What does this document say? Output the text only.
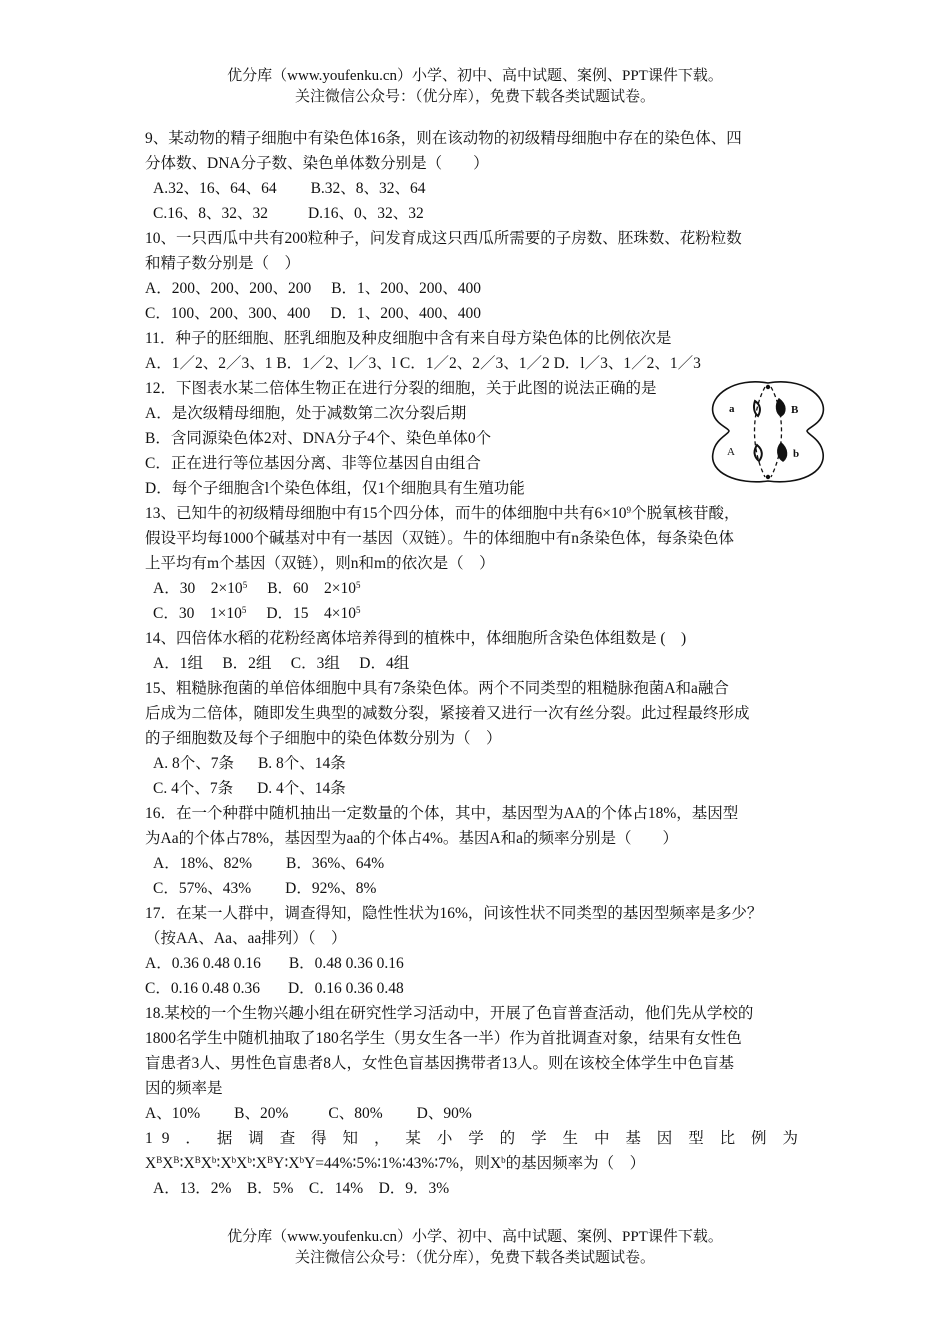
优分库（www.youfenku.cn）小学、初中、高中试题、案例、PPT课件下载。
关注微信公众号：（优分库），免费下载各类试题试卷。
9、某动物的精子细胞中有染色体16条，则在该动物的初级精母细胞中存在的染色体、四
分体数、DNA分子数、染色单体数分别是（　　）
A.32、16、64、64 B.32、8、32、64
C.16、8、32、32	D.16、0、32、32
10、一只西瓜中共有200粒种子，问发育成这只西瓜所需要的子房数、胚珠数、花粉粒数
和精子数分别是（　）
A．200、200、200、200 B．1、200、200、400
C．100、200、300、400 D．1、200、400、400
11．种子的胚细胞、胚乳细胞及种皮细胞中含有来自母方染色体的比例依次是
A．1／2、2／3、1 B．1／2、l／3、l C．1／2、2／3、1／2 D．l／3、1／2、1／3
12．下图表水某二倍体生物正在进行分裂的细胞，关于此图的说法正确的是
A．是次级精母细胞，处于减数第二次分裂后期
B．含同源染色体2对、DNA分子4个、染色单体0个
C．正在进行等位基因分离、非等位基因自由组合
D．每个子细胞含l个染色体组，仅1个细胞具有生殖功能
13、已知牛的初级精母细胞中有15个四分体，而牛的体细胞中共有$6\times 10^9$个脱氧核苷酸，
假设平均每1000个碱基对中有一基因（双链）。牛的体细胞中有n条染色体，每条染色体
上平均有m个基因（双链），则n和m的依次是（　）
A．30　$2\times 10^5$ B．60　$2\times 10^5$
C．30　$1\times 10^5$ D．15　$4\times 10^5$
14、四倍体水稻的花粉经离体培养得到的植株中，体细胞所含染色体组数是 (　)
A．1组　 B．2组　 C．3组　 D．4组
15、粗糙脉孢菌的单倍体细胞中具有7条染色体。两个不同类型的粗糙脉孢菌A和a融合
后成为二倍体，随即发生典型的减数分裂，紧接着又进行一次有丝分裂。此过程最终形成
的子细胞数及每个子细胞中的染色体数分别为（　）
A. 8个、7条 B. 8个、14条
C. 4个、7条 D. 4个、14条
16．在一个种群中随机抽出一定数量的个体，其中，基因型为AA的个体占18%，基因型
为Aa的个体占78%，基因型为aa的个体占4%。基因A和a的频率分别是（　　）
A．18%、82% B．36%、64%
C．57%、43% D．92%、8%
17．在某一人群中，调查得知，隐性性状为16%，问该性状不同类型的基因型频率是多少？
（按AA、Aa、aa排列）（　）
A．0.36 0.48 0.16 B．0.48 0.36 0.16
C．0.16 0.48 0.36 D．0.16 0.36 0.48
18.某校的一个生物兴趣小组在研究性学习活动中，开展了色盲普查活动，他们先从学校的
1800名学生中随机抽取了180名学生（男女生各一半）作为首批调查对象，结果有女性色
盲患者3人、男性色盲患者8人，女性色盲基因携带者13人。则在该校全体学生中色盲基
因的频率是
A、10% B、20%	C、80% D、90%
19．据调查得知，某小学的学生中基因型比例为
$X^BX^B∶X^BX^b∶X^bX^b∶X^BY∶X^bY=44\%∶5\%∶1\%∶43\%∶7\%$，则$X^b$的基因频率为（　）
A．13．2%　B．5%　C．14%　D．9．3%
a	B
A	b
优分库（www.youfenku.cn）小学、初中、高中试题、案例、PPT课件下载。
关注微信公众号：（优分库），免费下载各类试题试卷。
